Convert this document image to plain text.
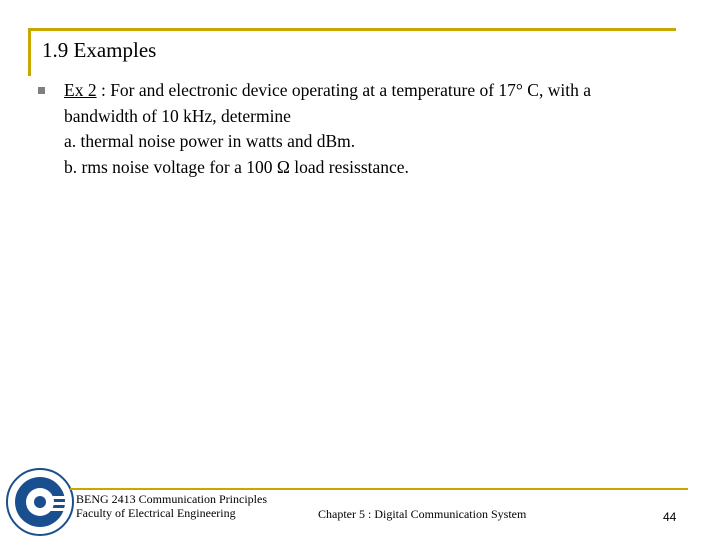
1.9 Examples
Ex 2 : For and electronic device operating at a temperature of 17° C, with a
bandwidth of 10 kHz, determine
a. thermal noise power in watts and dBm.
b. rms noise voltage for a 100 Ω load resisstance.
BENG 2413 Communication Principles
Faculty of Electrical Engineering	Chapter 5 : Digital Communication System	44
